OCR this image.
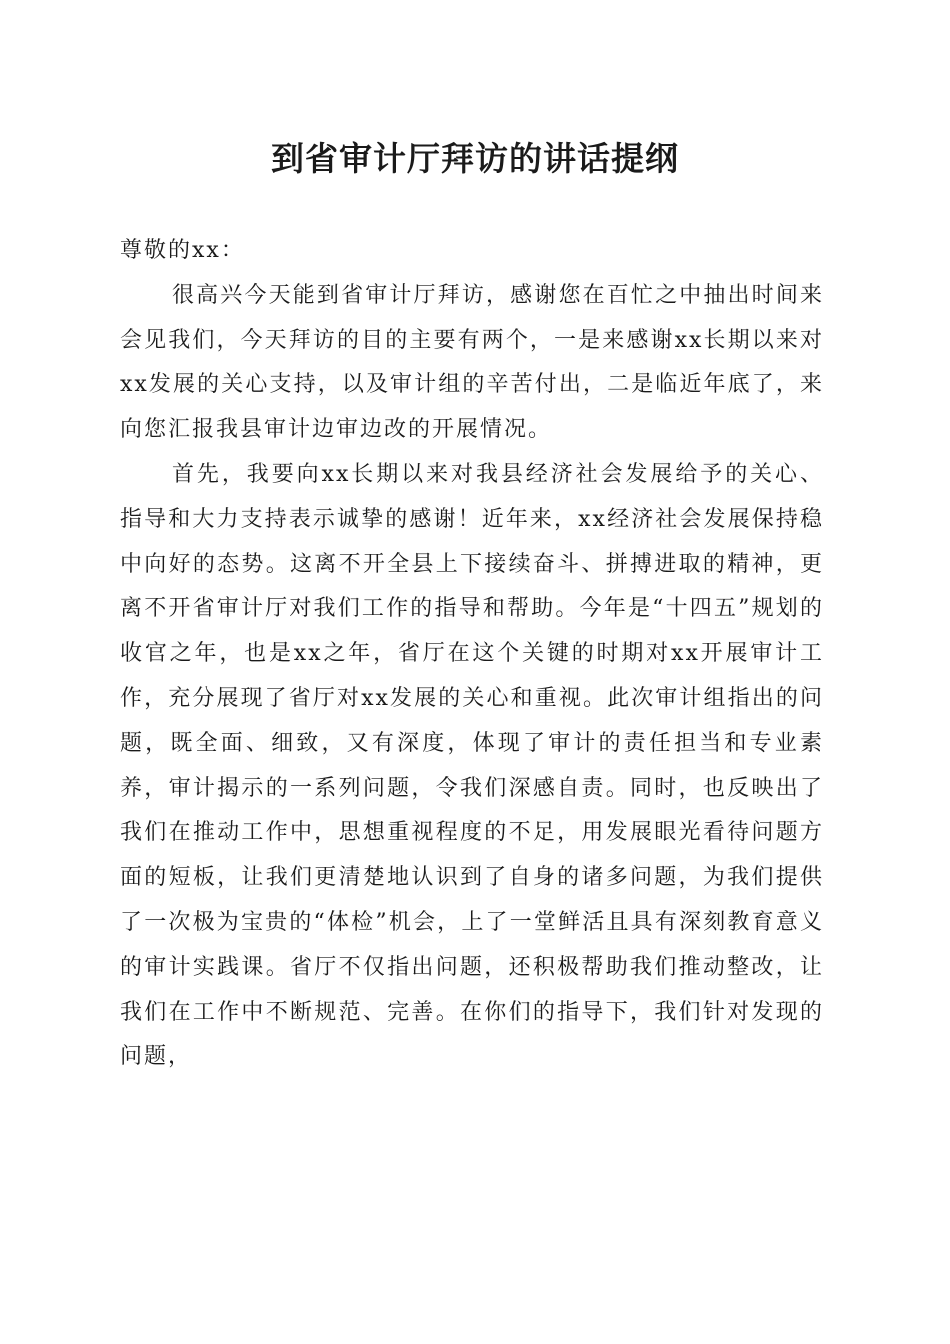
到省审计厅拜访的讲话提纲

尊敬的xx：

很高兴今天能到省审计厅拜访，感谢您在百忙之中抽出时间来会见我们，今天拜访的目的主要有两个，一是来感谢xx长期以来对xx发展的关心支持，以及审计组的辛苦付出，二是临近年底了，来向您汇报我县审计边审边改的开展情况。

首先，我要向xx长期以来对我县经济社会发展给予的关心、指导和大力支持表示诚挚的感谢！近年来，xx经济社会发展保持稳中向好的态势。这离不开全县上下接续奋斗、拼搏进取的精神，更离不开省审计厅对我们工作的指导和帮助。今年是“十四五”规划的收官之年，也是xx之年，省厅在这个关键的时期对xx开展审计工作，充分展现了省厅对xx发展的关心和重视。此次审计组指出的问题，既全面、细致，又有深度，体现了审计的责任担当和专业素养，审计揭示的一系列问题，令我们深感自责。同时，也反映出了我们在推动工作中，思想重视程度的不足，用发展眼光看待问题方面的短板，让我们更清楚地认识到了自身的诸多问题，为我们提供了一次极为宝贵的“体检”机会，上了一堂鲜活且具有深刻教育意义的审计实践课。省厅不仅指出问题，还积极帮助我们推动整改，让我们在工作中不断规范、完善。在你们的指导下，我们针对发现的问题，
